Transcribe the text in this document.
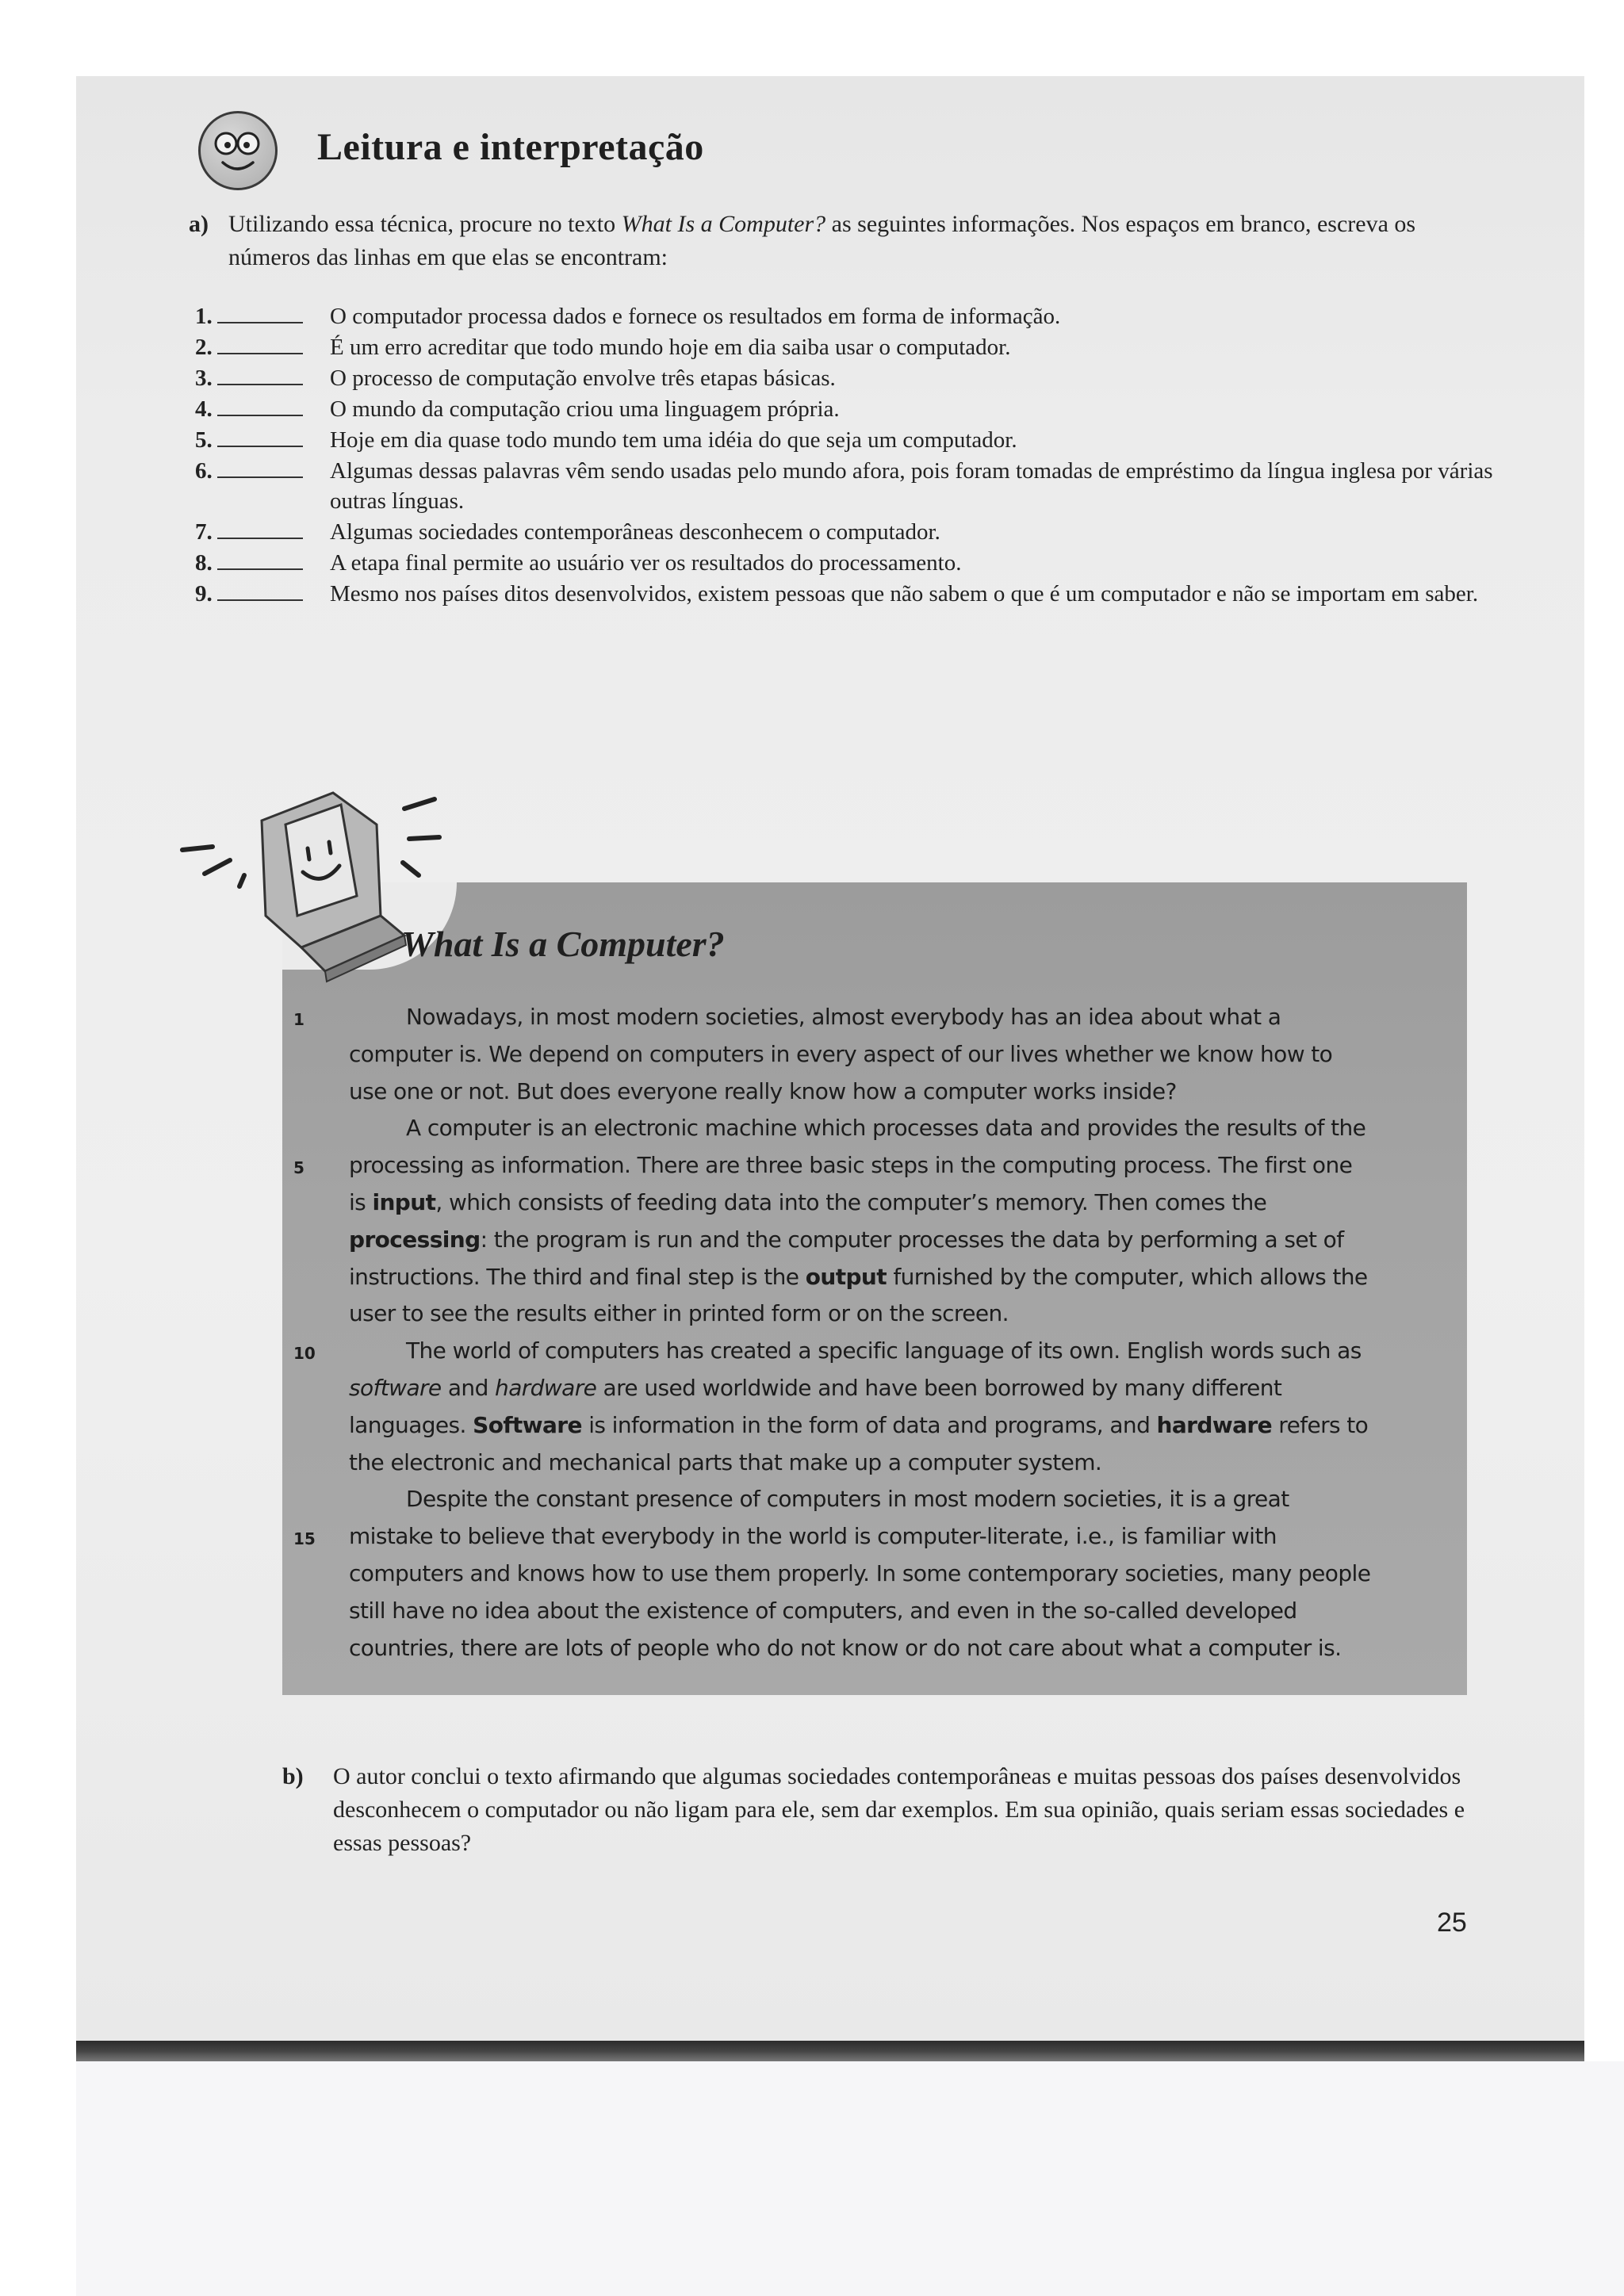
Leitura e interpretação
a) Utilizando essa técnica, procure no texto What Is a Computer? as seguintes informações. Nos espaços em branco, escreva os números das linhas em que elas se encontram:
1.	O computador processa dados e fornece os resultados em forma de informação.
2.	É um erro acreditar que todo mundo hoje em dia saiba usar o computador.
3.	O processo de computação envolve três etapas básicas.
4.	O mundo da computação criou uma linguagem própria.
5.	Hoje em dia quase todo mundo tem uma idéia do que seja um computador.
6.	Algumas dessas palavras vêm sendo usadas pelo mundo afora, pois foram tomadas de empréstimo da língua inglesa por várias outras línguas.
7.	Algumas sociedades contemporâneas desconhecem o computador.
8.	A etapa final permite ao usuário ver os resultados do processamento.
9.	Mesmo nos países ditos desenvolvidos, existem pessoas que não sabem o que é um computador e não se importam em saber.
What Is a Computer?
1
5
10
15

Nowadays, in most modern societies, almost everybody has an idea about what a computer is. We depend on computers in every aspect of our lives whether we know how to use one or not. But does everyone really know how a computer works inside?

A computer is an electronic machine which processes data and provides the results of the processing as information. There are three basic steps in the computing process. The first one is input, which consists of feeding data into the computer’s memory. Then comes the processing: the program is run and the computer processes the data by performing a set of instructions. The third and final step is the output furnished by the computer, which allows the user to see the results either in printed form or on the screen.

The world of computers has created a specific language of its own. English words such as software and hardware are used worldwide and have been borrowed by many different languages. Software is information in the form of data and programs, and hardware refers to the electronic and mechanical parts that make up a computer system.

Despite the constant presence of computers in most modern societies, it is a great mistake to believe that everybody in the world is computer-literate, i.e., is familiar with computers and knows how to use them properly. In some contemporary societies, many people still have no idea about the existence of computers, and even in the so-called developed countries, there are lots of people who do not know or do not care about what a computer is.

b) O autor conclui o texto afirmando que algumas sociedades contemporâneas e muitas pessoas dos países desenvolvidos desconhecem o computador ou não ligam para ele, sem dar exemplos. Em sua opinião, quais seriam essas sociedades e essas pessoas?
25
